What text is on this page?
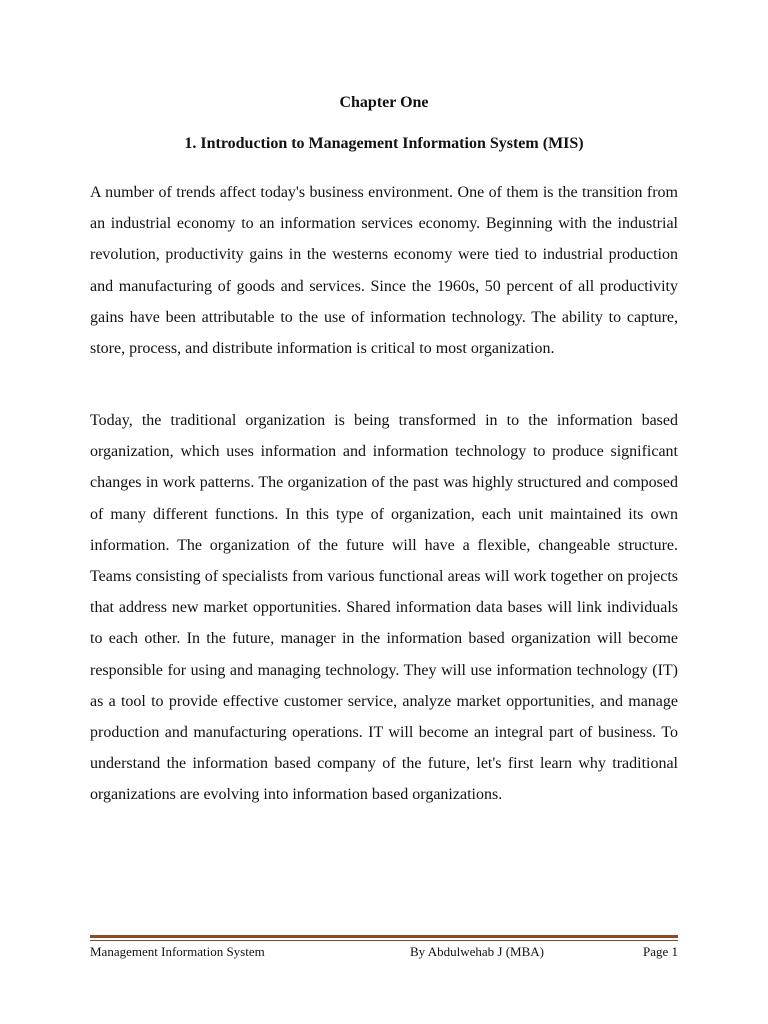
Chapter One
1. Introduction to Management Information System (MIS)

A number of trends affect today's business environment. One of them is the transition from an industrial economy to an information services economy. Beginning with the industrial revolution, productivity gains in the westerns economy were tied to industrial production and manufacturing of goods and services. Since the 1960s, 50 percent of all productivity gains have been attributable to the use of information technology. The ability to capture, store, process, and distribute information is critical to most organization.

Today, the traditional organization is being transformed in to the information based organization, which uses information and information technology to produce significant changes in work patterns. The organization of the past was highly structured and composed of many different functions. In this type of organization, each unit maintained its own information. The organization of the future will have a flexible, changeable structure. Teams consisting of specialists from various functional areas will work together on projects that address new market opportunities. Shared information data bases will link individuals to each other. In the future, manager in the information based organization will become responsible for using and managing technology. They will use information technology (IT) as a tool to provide effective customer service, analyze market opportunities, and manage production and manufacturing operations. IT will become an integral part of business. To understand the information based company of the future, let's first learn why traditional organizations are evolving into information based organizations.

Management Information System	By Abdulwehab J (MBA)	Page 1
